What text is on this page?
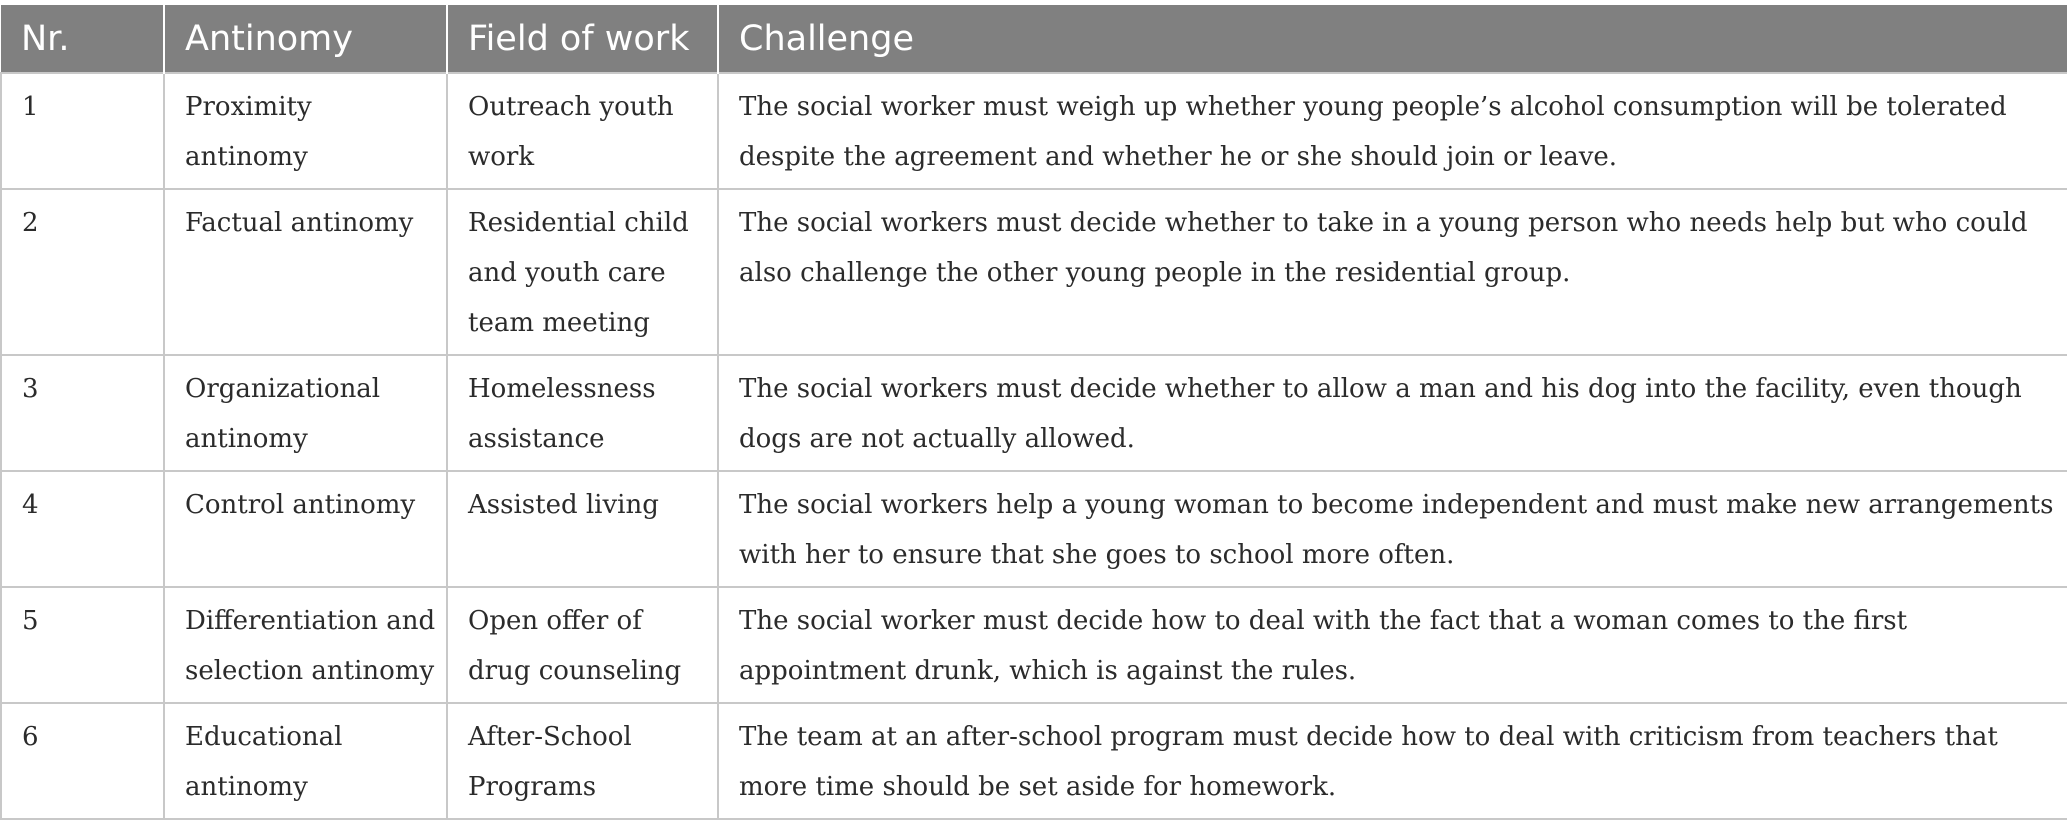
Nr.	Antinomy	Field of work	Challenge
1	Proximity antinomy	Outreach youth work	The social worker must weigh up whether young people’s alcohol consumption will be tolerated despite the agreement and whether he or she should join or leave.
2	Factual antinomy	Residential child and youth care team meeting	The social workers must decide whether to take in a young person who needs help but who could also challenge the other young people in the residential group.
3	Organizational antinomy	Homelessness assistance	The social workers must decide whether to allow a man and his dog into the facility, even though dogs are not actually allowed.
4	Control antinomy	Assisted living	The social workers help a young woman to become independent and must make new arrangements with her to ensure that she goes to school more often.
5	Differentiation and selection antinomy	Open offer of drug counseling	The social worker must decide how to deal with the fact that a woman comes to the first appointment drunk, which is against the rules.
6	Educational antinomy	After-School Programs	The team at an after-school program must decide how to deal with criticism from teachers that more time should be set aside for homework.
